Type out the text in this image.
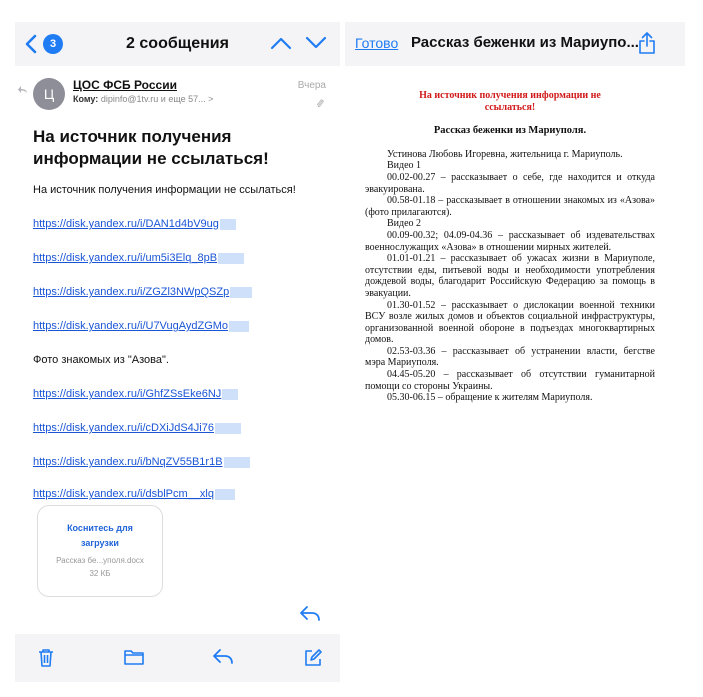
3	2 сообщения
Ц
ЦОС ФСБ России
Кому: dipinfo@1tv.ru и еще 57... >
Вчера
На источник получения информации не ссылаться!
На источник получения информации не ссылаться!
https://disk.yandex.ru/i/DAN1d4bV9ug
https://disk.yandex.ru/i/um5i3Elq_8pB
https://disk.yandex.ru/i/ZGZl3NWpQSZp
https://disk.yandex.ru/i/U7VugAydZGMo
Фото знакомых из "Азова".
https://disk.yandex.ru/i/GhfZSsEke6NJ
https://disk.yandex.ru/i/cDXiJdS4Ji76
https://disk.yandex.ru/i/bNqZV55B1r1B
https://disk.yandex.ru/i/dsblPcm__xlq
Коснитесь для
загрузки
Рассказ бе...уполя.docx
32 КБ
Готово Рассказ беженки из Мариупо...
На источник получения информации не ссылаться!
Рассказ беженки из Мариуполя.
Устинова Любовь Игоревна, жительница г. Мариуполь.
Видео 1
00.02-00.27 – рассказывает о себе, где находится и откуда эвакуирована.
00.58-01.18 – рассказывает в отношении знакомых из «Азова» (фото прилагаются).
Видео 2
00.09-00.32; 04.09-04.36 – рассказывает об издевательствах военнослужащих «Азова» в отношении мирных жителей.
01.01-01.21 – рассказывает об ужасах жизни в Мариуполе, отсутствии еды, питьевой воды и необходимости употребления дождевой воды, благодарит Российскую Федерацию за помощь в эвакуации.
01.30-01.52 – рассказывает о дислокации военной техники ВСУ возле жилых домов и объектов социальной инфраструктуры, организованной военной обороне в подъездах многоквартирных домов.
02.53-03.36 – рассказывает об устранении власти, бегстве мэра Мариуполя.
04.45-05.20 – рассказывает об отсутствии гуманитарной помощи со стороны Украины.
05.30-06.15 – обращение к жителям Мариуполя.
